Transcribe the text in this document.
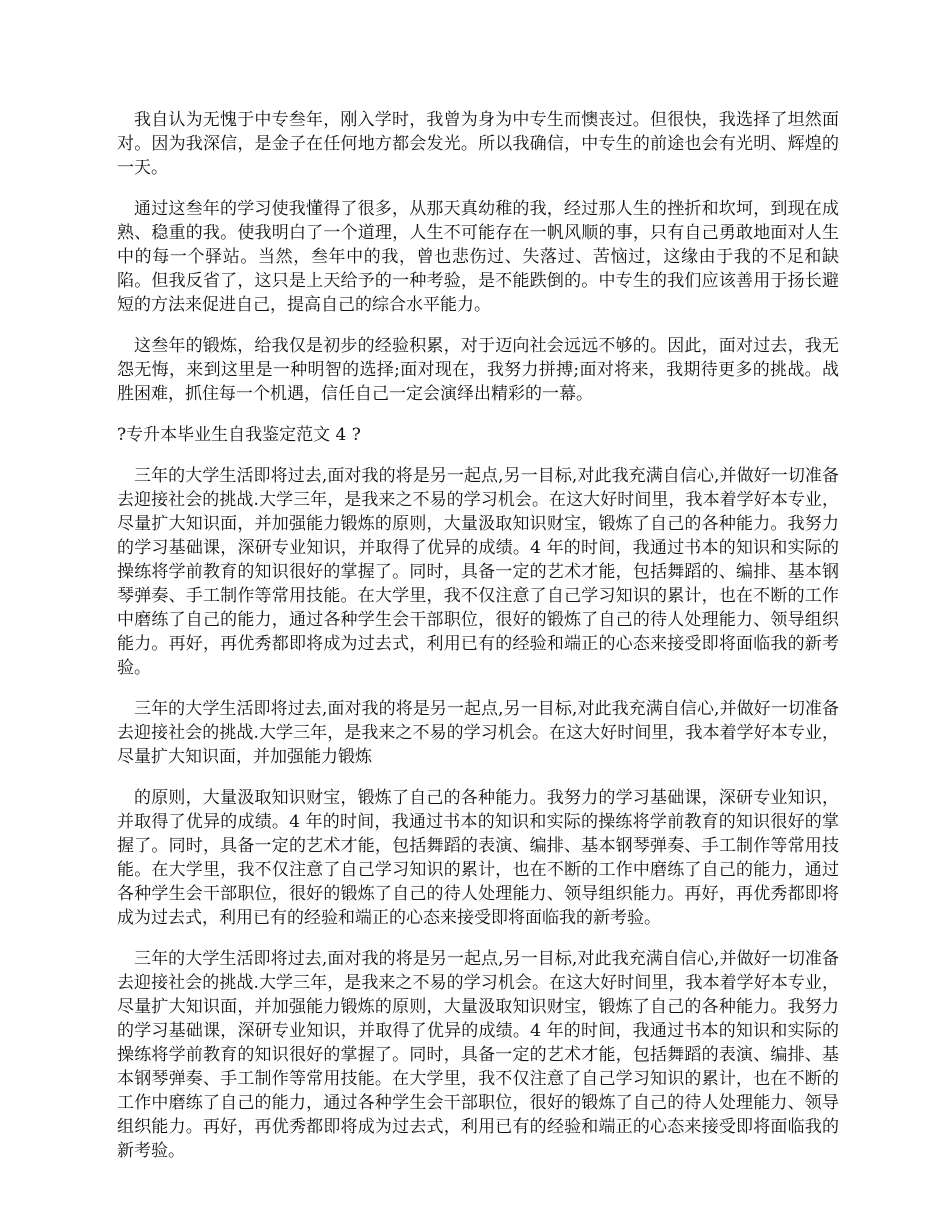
我自认为无愧于中专叁年，刚入学时，我曾为身为中专生而懊丧过。但很快，我选择了坦然面对。因为我深信，是金子在任何地方都会发光。所以我确信，中专生的前途也会有光明、辉煌的一天。

通过这叁年的学习使我懂得了很多，从那天真幼稚的我，经过那人生的挫折和坎坷，到现在成熟、稳重的我。使我明白了一个道理，人生不可能存在一帆风顺的事，只有自己勇敢地面对人生中的每一个驿站。当然，叁年中的我，曾也悲伤过、失落过、苦恼过，这缘由于我的不足和缺陷。但我反省了，这只是上天给予的一种考验，是不能跌倒的。中专生的我们应该善用于扬长避短的方法来促进自己，提高自己的综合水平能力。

这叁年的锻炼，给我仅是初步的经验积累，对于迈向社会远远不够的。因此，面对过去，我无怨无悔，来到这里是一种明智的选择;面对现在，我努力拼搏;面对将来，我期待更多的挑战。战胜困难，抓住每一个机遇，信任自己一定会演绎出精彩的一幕。

?专升本毕业生自我鉴定范文 4 ?

三年的大学生活即将过去,面对我的将是另一起点,另一目标,对此我充满自信心,并做好一切准备去迎接社会的挑战.大学三年，是我来之不易的学习机会。在这大好时间里，我本着学好本专业，尽量扩大知识面，并加强能力锻炼的原则，大量汲取知识财宝，锻炼了自己的各种能力。我努力的学习基础课，深研专业知识，并取得了优异的成绩。4 年的时间，我通过书本的知识和实际的操练将学前教育的知识很好的掌握了。同时，具备一定的艺术才能，包括舞蹈的、编排、基本钢琴弹奏、手工制作等常用技能。在大学里，我不仅注意了自己学习知识的累计，也在不断的工作中磨练了自己的能力，通过各种学生会干部职位，很好的锻炼了自己的待人处理能力、领导组织能力。再好，再优秀都即将成为过去式，利用已有的经验和端正的心态来接受即将面临我的新考验。

三年的大学生活即将过去,面对我的将是另一起点,另一目标,对此我充满自信心,并做好一切准备去迎接社会的挑战.大学三年，是我来之不易的学习机会。在这大好时间里，我本着学好本专业，尽量扩大知识面，并加强能力锻炼

的原则，大量汲取知识财宝，锻炼了自己的各种能力。我努力的学习基础课，深研专业知识，并取得了优异的成绩。4 年的时间，我通过书本的知识和实际的操练将学前教育的知识很好的掌握了。同时，具备一定的艺术才能，包括舞蹈的表演、编排、基本钢琴弹奏、手工制作等常用技能。在大学里，我不仅注意了自己学习知识的累计，也在不断的工作中磨练了自己的能力，通过各种学生会干部职位，很好的锻炼了自己的待人处理能力、领导组织能力。再好，再优秀都即将成为过去式，利用已有的经验和端正的心态来接受即将面临我的新考验。

三年的大学生活即将过去,面对我的将是另一起点,另一目标,对此我充满自信心,并做好一切准备去迎接社会的挑战.大学三年，是我来之不易的学习机会。在这大好时间里，我本着学好本专业，尽量扩大知识面，并加强能力锻炼的原则，大量汲取知识财宝，锻炼了自己的各种能力。我努力的学习基础课，深研专业知识，并取得了优异的成绩。4 年的时间，我通过书本的知识和实际的操练将学前教育的知识很好的掌握了。同时，具备一定的艺术才能，包括舞蹈的表演、编排、基本钢琴弹奏、手工制作等常用技能。在大学里，我不仅注意了自己学习知识的累计，也在不断的工作中磨练了自己的能力，通过各种学生会干部职位，很好的锻炼了自己的待人处理能力、领导组织能力。再好，再优秀都即将成为过去式，利用已有的经验和端正的心态来接受即将面临我的新考验。
